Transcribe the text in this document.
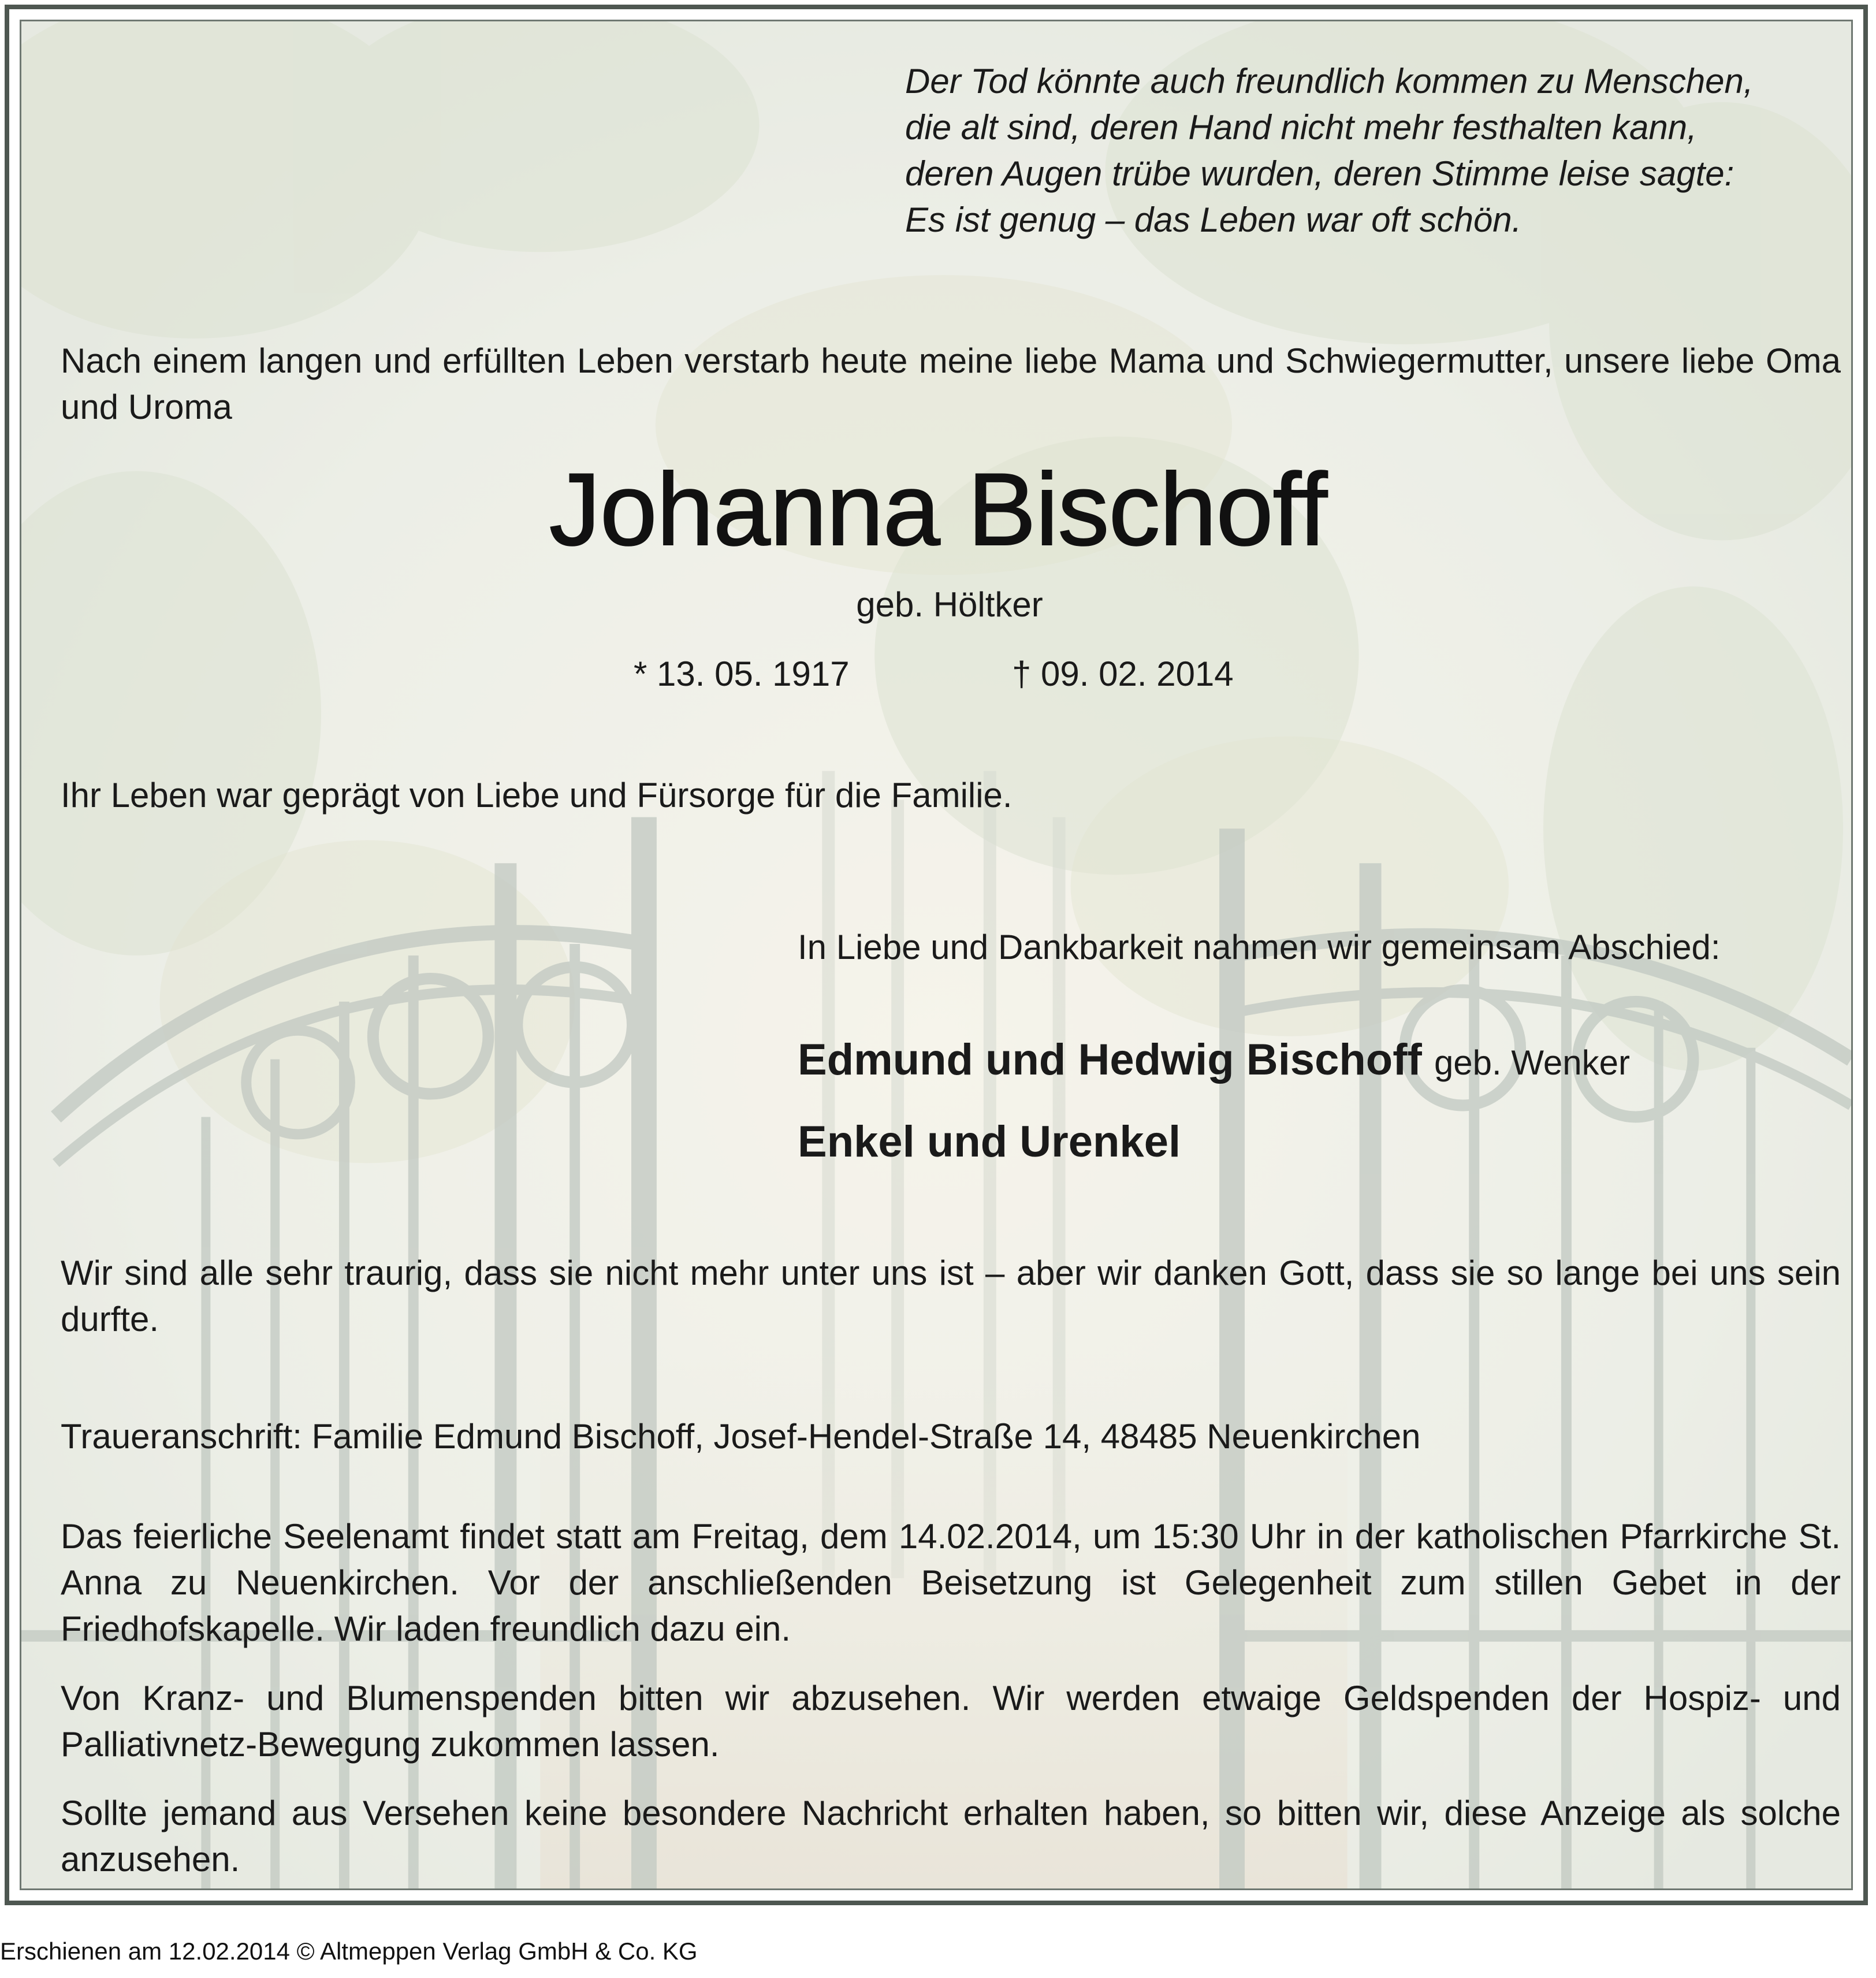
Der Tod könnte auch freundlich kommen zu Menschen,
die alt sind, deren Hand nicht mehr festhalten kann,
deren Augen trübe wurden, deren Stimme leise sagte:
Es ist genug – das Leben war oft schön.
Nach einem langen und erfüllten Leben verstarb heute meine liebe Mama und Schwiegermutter, unsere liebe Oma und Uroma
Johanna Bischoff
geb. Höltker
* 13. 05. 1917	† 09. 02. 2014
Ihr Leben war geprägt von Liebe und Fürsorge für die Familie.
In Liebe und Dankbarkeit nahmen wir gemeinsam Abschied:
Edmund und Hedwig Bischoff geb. Wenker
Enkel und Urenkel
Wir sind alle sehr traurig, dass sie nicht mehr unter uns ist – aber wir danken Gott, dass sie so lange bei uns sein durfte.
Traueranschrift: Familie Edmund Bischoff, Josef-Hendel-Straße 14, 48485 Neuenkirchen
Das feierliche Seelenamt findet statt am Freitag, dem 14.02.2014, um 15:30 Uhr in der katholischen Pfarrkirche St. Anna zu Neuenkirchen. Vor der anschließenden Beisetzung ist Gelegenheit zum stillen Gebet in der Friedhofskapelle. Wir laden freundlich dazu ein.
Von Kranz- und Blumenspenden bitten wir abzusehen. Wir werden etwaige Geldspenden der Hospiz- und Palliativnetz-Bewegung zukommen lassen.
Sollte jemand aus Versehen keine besondere Nachricht erhalten haben, so bitten wir, diese Anzeige als solche anzusehen.
Erschienen am 12.02.2014 © Altmeppen Verlag GmbH & Co. KG
